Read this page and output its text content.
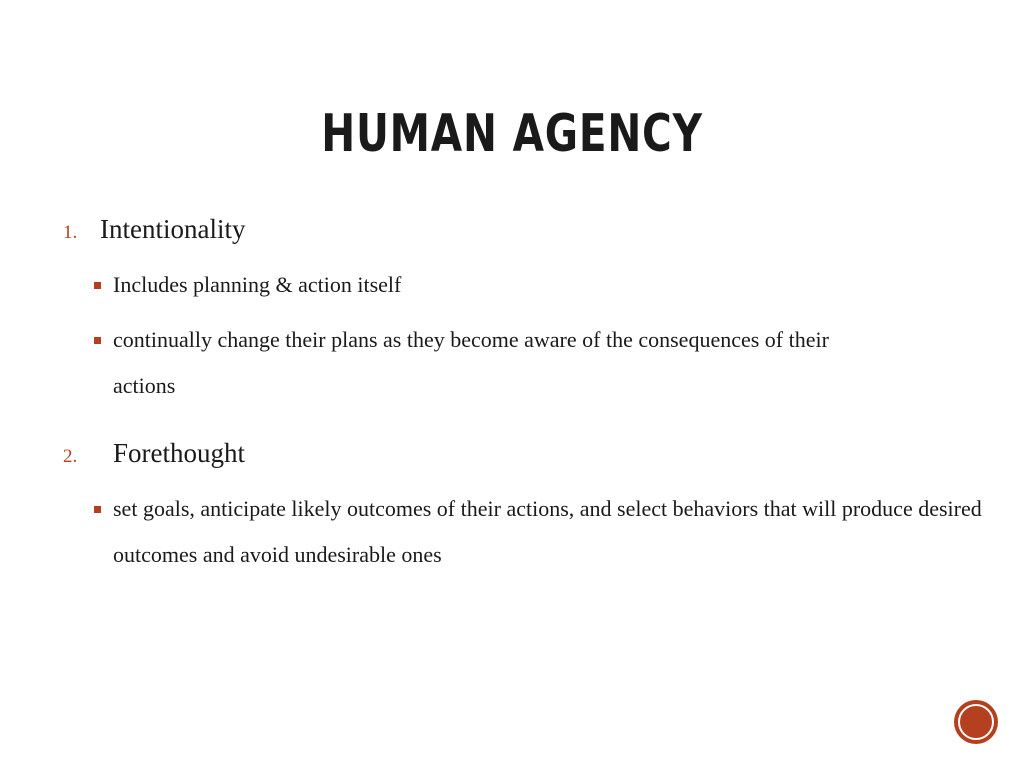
HUMAN AGENCY
1. Intentionality
Includes planning & action itself
continually change their plans as they become aware of the consequences of their actions
2.	Forethought
set goals, anticipate likely outcomes of their actions, and select behaviors that will produce desired outcomes and avoid undesirable ones
